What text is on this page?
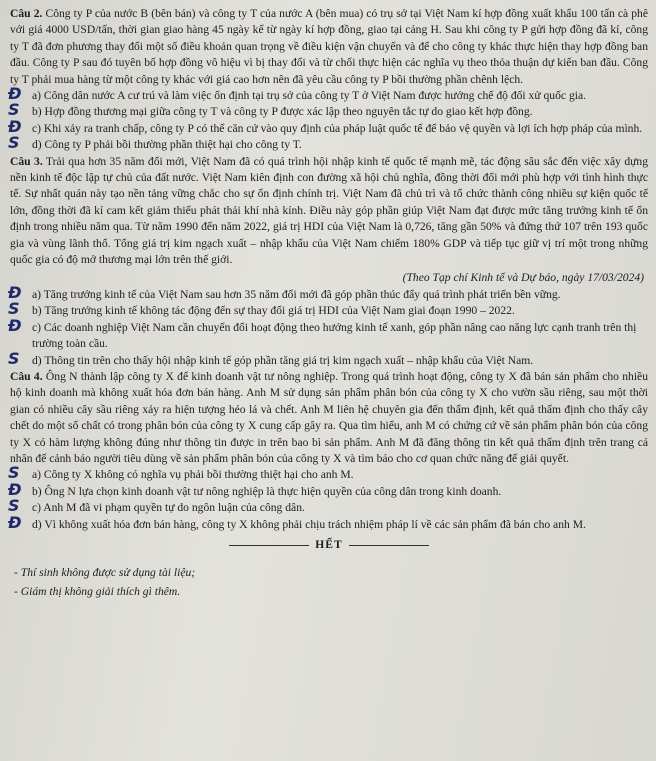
Câu 2. Công ty P của nước B (bên bán) và công ty T của nước A (bên mua) có trụ sở tại Việt Nam kí hợp đồng xuất khẩu 100 tấn cà phê với giá 4000 USD/tấn, thời gian giao hàng 45 ngày kể từ ngày kí hợp đồng, giao tại cảng H. Sau khi công ty P gửi hợp đồng đã kí, công ty T đã đơn phương thay đổi một số điều khoản quan trọng về điều kiện vận chuyển và để cho công ty khác thực hiện thay hợp đồng ban đầu. Công ty P sau đó tuyên bố hợp đồng vô hiệu vì bị thay đổi và từ chối thực hiện các nghĩa vụ theo thỏa thuận dự kiến ban đầu. Công ty T phải mua hàng từ một công ty khác với giá cao hơn nên đã yêu cầu công ty P bồi thường phần chênh lệch.

Đ a) Công dân nước A cư trú và làm việc ổn định tại trụ sở của công ty T ở Việt Nam được hưởng chế độ đối xử quốc gia.

S	b) Hợp đồng thương mại giữa công ty T và công ty P được xác lập theo nguyên tắc tự do giao kết hợp đồng.

Đ c) Khi xảy ra tranh chấp, công ty P có thể căn cứ vào quy định của pháp luật quốc tế để bảo vệ quyền và lợi ích hợp pháp của mình.

S	d) Công ty P phải bồi thường phần thiệt hại cho công ty T.

Câu 3. Trải qua hơn 35 năm đổi mới, Việt Nam đã có quá trình hội nhập kinh tế quốc tế mạnh mẽ, tác động sâu sắc đến việc xây dựng nền kinh tế độc lập tự chủ của đất nước. Việt Nam kiên định con đường xã hội chủ nghĩa, đồng thời đổi mới phù hợp với tình hình thực tế. Sự nhất quán này tạo nền tảng vững chắc cho sự ổn định chính trị. Việt Nam đã chủ trì và tổ chức thành công nhiều sự kiện quốc tế lớn, đồng thời đã kí cam kết giảm thiểu phát thải khí nhà kính. Điều này góp phần giúp Việt Nam đạt được mức tăng trưởng kinh tế ổn định trong nhiều năm qua. Từ năm 1990 đến năm 2022, giá trị HDI của Việt Nam là 0,726, tăng gần 50% và đứng thứ 107 trên 193 quốc gia và vùng lãnh thổ. Tổng giá trị kim ngạch xuất – nhập khẩu của Việt Nam chiếm 180% GDP và tiếp tục giữ vị trí một trong những quốc gia có độ mở thương mại lớn trên thế giới.

(Theo Tạp chí Kinh tế và Dự báo, ngày 17/03/2024)

Đ a) Tăng trưởng kinh tế của Việt Nam sau hơn 35 năm đổi mới đã góp phần thúc đẩy quá trình phát triển bền vững.

S	b) Tăng trưởng kinh tế không tác động đến sự thay đổi giá trị HDI của Việt Nam giai đoạn 1990 – 2022.

Đ c) Các doanh nghiệp Việt Nam cần chuyển đổi hoạt động theo hướng kinh tế xanh, góp phần nâng cao năng lực cạnh tranh trên thị trường toàn cầu.

S	d) Thông tin trên cho thấy hội nhập kinh tế góp phần tăng giá trị kim ngạch xuất – nhập khẩu của Việt Nam.

Câu 4. Ông N thành lập công ty X để kinh doanh vật tư nông nghiệp. Trong quá trình hoạt động, công ty X đã bán sản phẩm cho nhiều hộ kinh doanh mà không xuất hóa đơn bán hàng. Anh M sử dụng sản phẩm phân bón của công ty X cho vườn sầu riêng, sau một thời gian có nhiều cây sầu riêng xảy ra hiện tượng héo lá và chết. Anh M liên hệ chuyên gia đến thẩm định, kết quả thẩm định cho thấy cây chết do một số chất có trong phân bón của công ty X cung cấp gây ra. Qua tìm hiểu, anh M có chứng cứ về sản phẩm phân bón của công ty X có hàm lượng không đúng như thông tin được in trên bao bì sản phẩm. Anh M đã đăng thông tin kết quả thẩm định trên trang cá nhân để cảnh báo người tiêu dùng về sản phẩm phân bón của công ty X và tìm báo cho cơ quan chức năng để giải quyết.

S	a) Công ty X không có nghĩa vụ phải bồi thường thiệt hại cho anh M.

Đ b) Ông N lựa chọn kinh doanh vật tư nông nghiệp là thực hiện quyền của công dân trong kinh doanh.

S	c) Anh M đã vi phạm quyền tự do ngôn luận của công dân.

Đ d) Vì không xuất hóa đơn bán hàng, công ty X không phải chịu trách nhiệm pháp lí về các sản phẩm đã bán cho anh M.

HẾT

- Thí sinh không được sử dụng tài liệu;

- Giám thị không giải thích gì thêm.
